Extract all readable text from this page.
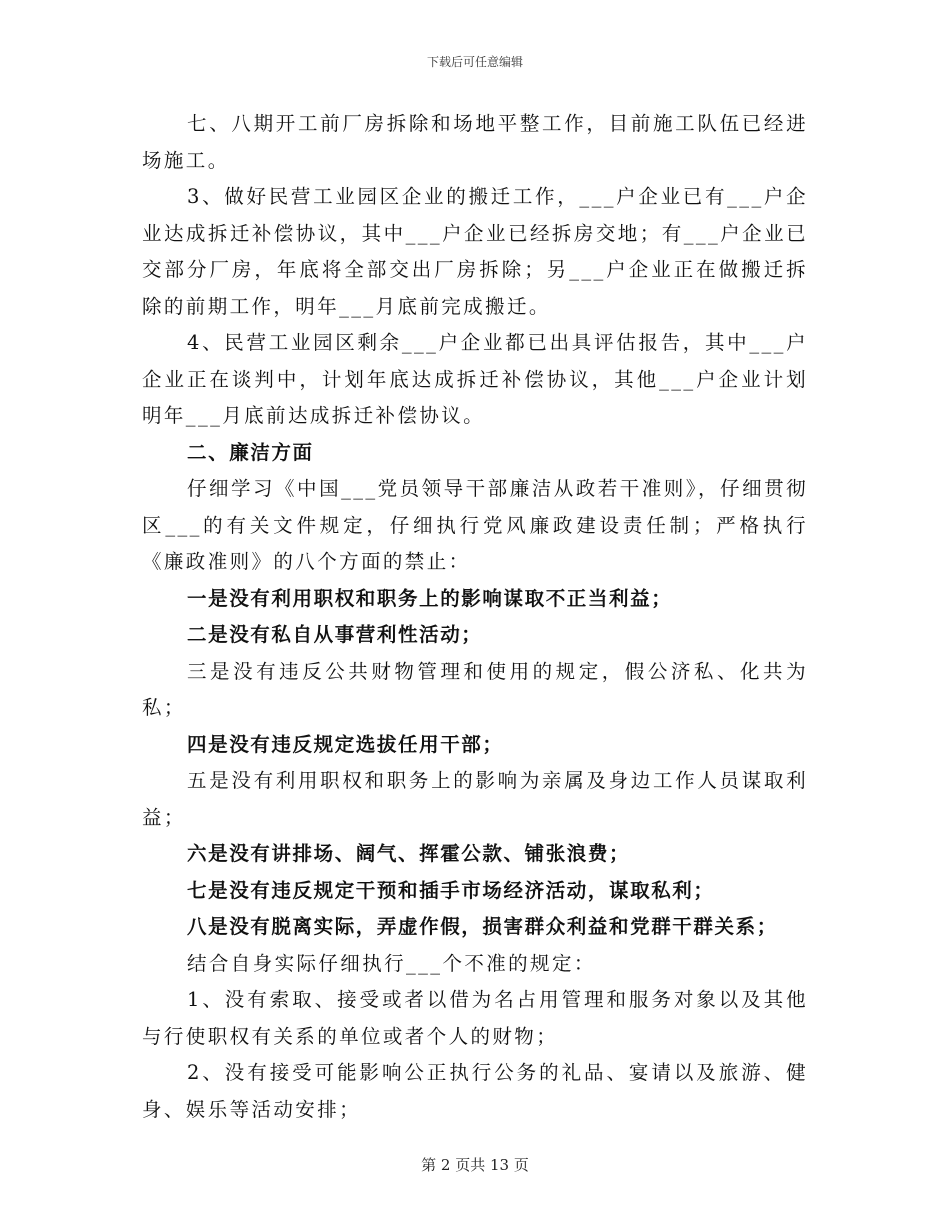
下载后可任意编辑

七、八期开工前厂房拆除和场地平整工作，目前施工队伍已经进场施工。

3、做好民营工业园区企业的搬迁工作，___户企业已有___户企业达成拆迁补偿协议，其中___户企业已经拆房交地；有___户企业已交部分厂房，年底将全部交出厂房拆除；另___户企业正在做搬迁拆除的前期工作，明年___月底前完成搬迁。

4、民营工业园区剩余___户企业都已出具评估报告，其中___户企业正在谈判中，计划年底达成拆迁补偿协议，其他___户企业计划明年___月底前达成拆迁补偿协议。

二、廉洁方面

仔细学习《中国___党员领导干部廉洁从政若干准则》，仔细贯彻区___的有关文件规定，仔细执行党风廉政建设责任制；严格执行《廉政准则》的八个方面的禁止：

一是没有利用职权和职务上的影响谋取不正当利益；

二是没有私自从事营利性活动；

三是没有违反公共财物管理和使用的规定，假公济私、化共为私；

四是没有违反规定选拔任用干部；

五是没有利用职权和职务上的影响为亲属及身边工作人员谋取利益；

六是没有讲排场、阔气、挥霍公款、铺张浪费；

七是没有违反规定干预和插手市场经济活动，谋取私利；

八是没有脱离实际，弄虚作假，损害群众利益和党群干群关系；

结合自身实际仔细执行___个不准的规定：

1、没有索取、接受或者以借为名占用管理和服务对象以及其他与行使职权有关系的单位或者个人的财物；

2、没有接受可能影响公正执行公务的礼品、宴请以及旅游、健身、娱乐等活动安排；

第 2 页共 13 页
